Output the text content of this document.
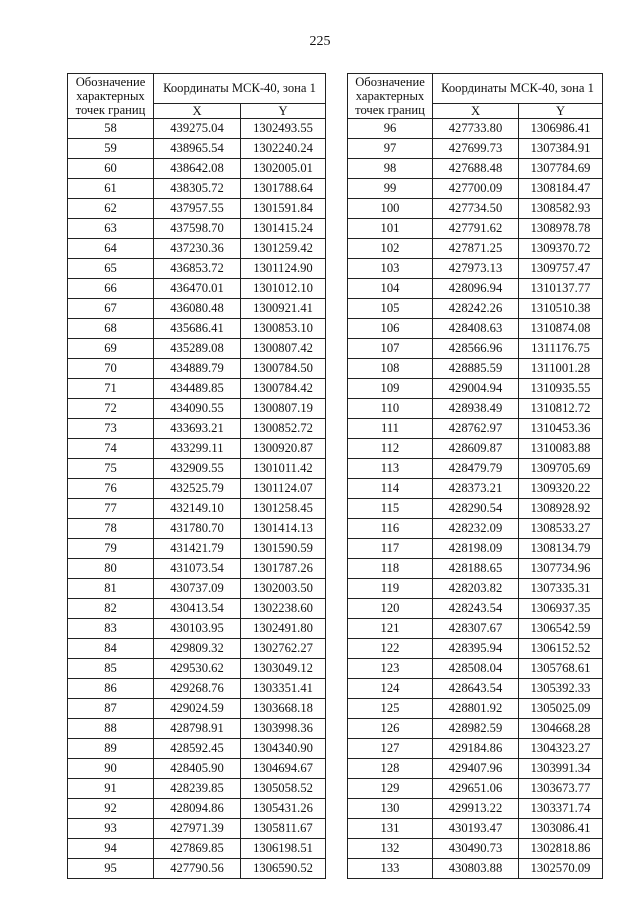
225
Обозначение характерных точек границ	Координаты МСК-40, зона 1	
	X	Y
58	439275.04	1302493.55
59	438965.54	1302240.24
60	438642.08	1302005.01
61	438305.72	1301788.64
62	437957.55	1301591.84
63	437598.70	1301415.24
64	437230.36	1301259.42
65	436853.72	1301124.90
66	436470.01	1301012.10
67	436080.48	1300921.41
68	435686.41	1300853.10
69	435289.08	1300807.42
70	434889.79	1300784.50
71	434489.85	1300784.42
72	434090.55	1300807.19
73	433693.21	1300852.72
74	433299.11	1300920.87
75	432909.55	1301011.42
76	432525.79	1301124.07
77	432149.10	1301258.45
78	431780.70	1301414.13
79	431421.79	1301590.59
80	431073.54	1301787.26
81	430737.09	1302003.50
82	430413.54	1302238.60
83	430103.95	1302491.80
84	429809.32	1302762.27
85	429530.62	1303049.12
86	429268.76	1303351.41
87	429024.59	1303668.18
88	428798.91	1303998.36
89	428592.45	1304340.90
90	428405.90	1304694.67
91	428239.85	1305058.52
92	428094.86	1305431.26
93	427971.39	1305811.67
94	427869.85	1306198.51
95	427790.56	1306590.52
Обозначение характерных точек границ	Координаты МСК-40, зона 1	
	X	Y
96	427733.80	1306986.41
97	427699.73	1307384.91
98	427688.48	1307784.69
99	427700.09	1308184.47
100	427734.50	1308582.93
101	427791.62	1308978.78
102	427871.25	1309370.72
103	427973.13	1309757.47
104	428096.94	1310137.77
105	428242.26	1310510.38
106	428408.63	1310874.08
107	428566.96	1311176.75
108	428885.59	1311001.28
109	429004.94	1310935.55
110	428938.49	1310812.72
111	428762.97	1310453.36
112	428609.87	1310083.88
113	428479.79	1309705.69
114	428373.21	1309320.22
115	428290.54	1308928.92
116	428232.09	1308533.27
117	428198.09	1308134.79
118	428188.65	1307734.96
119	428203.82	1307335.31
120	428243.54	1306937.35
121	428307.67	1306542.59
122	428395.94	1306152.52
123	428508.04	1305768.61
124	428643.54	1305392.33
125	428801.92	1305025.09
126	428982.59	1304668.28
127	429184.86	1304323.27
128	429407.96	1303991.34
129	429651.06	1303673.77
130	429913.22	1303371.74
131	430193.47	1303086.41
132	430490.73	1302818.86
133	430803.88	1302570.09
